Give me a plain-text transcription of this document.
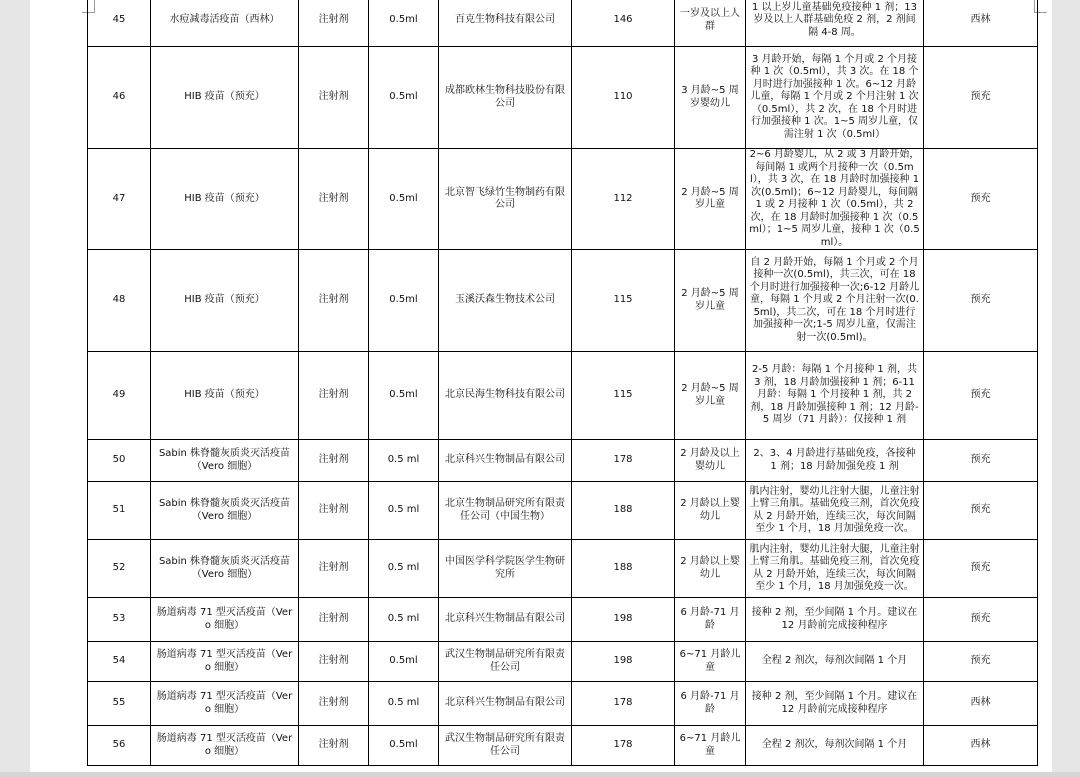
45	水痘减毒活疫苗（西林）	注射剂	0.5ml	百克生物科技有限公司	146	一岁及以上人群	1 以上岁儿童基础免疫接种 1 剂；13 岁及以上人群基础免疫 2 剂，2 剂间隔 4-8 周。	西林
46	HIB 疫苗（预充）	注射剂	0.5ml	成都欧林生物科技股份有限公司	110	3 月龄~5 周岁婴幼儿	3 月龄开始，每隔 1 个月或 2 个月接种 1 次（0.5ml），共 3 次。在 18 个月时进行加强接种 1 次。6~12 月龄儿童，每隔 1 个月或 2 个月注射 1 次（0.5ml），共 2 次，在 18 个月时进行加强接种 1 次。1~5 周岁儿童，仅需注射 1 次（0.5ml）	预充
47	HIB 疫苗（预充）	注射剂	0.5ml	北京智飞绿竹生物制药有限公司	112	2 月龄~5 周岁儿童	2~6 月龄婴儿，从 2 或 3 月龄开始，每间隔 1 或两个月接种一次（0.5ml），共 3 次，在 18 月龄时加强接种 1 次(0.5ml)；6~12 月龄婴儿，每间隔 1 或 2 月接种 1 次（0.5ml），共 2 次，在 18 月龄时加强接种 1 次（0.5ml）；1~5 周岁儿童，接种 1 次（0.5ml）。	预充
48	HIB 疫苗（预充）	注射剂	0.5ml	玉溪沃森生物技术公司	115	2 月龄~5 周岁儿童	自 2 月龄开始，每隔 1 个月或 2 个月接种一次(0.5ml)，共三次，可在 18 个月时进行加强接种一次;6-12 月龄儿童，每隔 1 个月或 2 个月注射一次(0.5ml)，共二次，可在 18 个月时进行加强接种一次;1-5 周岁儿童，仅需注射一次(0.5ml)。	预充
49	HIB 疫苗（预充）	注射剂	0.5ml	北京民海生物科技有限公司	115	2 月龄~5 周岁儿童	2-5 月龄：每隔 1 个月接种 1 剂，共 3 剂，18 月龄加强接种 1 剂；6-11 月龄：每隔 1 个月接种 1 剂，共 2 剂，18 月龄加强接种 1 剂；12 月龄-5 周岁（71 月龄）：仅接种 1 剂	预充
50	Sabin 株脊髓灰质炎灭活疫苗（Vero 细胞）	注射剂	0.5 ml	北京科兴生物制品有限公司	178	2 月龄及以上婴幼儿	2、3、4 月龄进行基础免疫，各接种 1 剂；18 月龄加强免疫 1 剂	预充
51	Sabin 株脊髓灰质炎灭活疫苗（Vero 细胞）	注射剂	0.5 ml	北京生物制品研究所有限责任公司（中国生物）	188	2 月龄以上婴幼儿	肌内注射，婴幼儿注射大腿，儿童注射上臂三角肌。基础免疫三剂，首次免疫从 2 月龄开始，连续三次，每次间隔至少 1 个月，18 月加强免疫一次。	预充
52	Sabin 株脊髓灰质炎灭活疫苗（Vero 细胞）	注射剂	0.5 ml	中国医学科学院医学生物研究所	188	2 月龄以上婴幼儿	肌内注射，婴幼儿注射大腿，儿童注射上臂三角肌。基础免疫三剂，首次免疫从 2 月龄开始，连续三次，每次间隔至少 1 个月，18 月加强免疫一次。	预充
53	肠道病毒 71 型灭活疫苗（Vero 细胞）	注射剂	0.5 ml	北京科兴生物制品有限公司	198	6 月龄-71 月龄	接种 2 剂，至少间隔 1 个月。建议在 12 月龄前完成接种程序	预充
54	肠道病毒 71 型灭活疫苗（Vero 细胞）	注射剂	0.5ml	武汉生物制品研究所有限责任公司	198	6~71 月龄儿童	全程 2 剂次，每剂次间隔 1 个月	预充
55	肠道病毒 71 型灭活疫苗（Vero 细胞）	注射剂	0.5 ml	北京科兴生物制品有限公司	178	6 月龄-71 月龄	接种 2 剂，至少间隔 1 个月。建议在 12 月龄前完成接种程序	西林
56	肠道病毒 71 型灭活疫苗（Vero 细胞）	注射剂	0.5ml	武汉生物制品研究所有限责任公司	178	6~71 月龄儿童	全程 2 剂次，每剂次间隔 1 个月	西林
